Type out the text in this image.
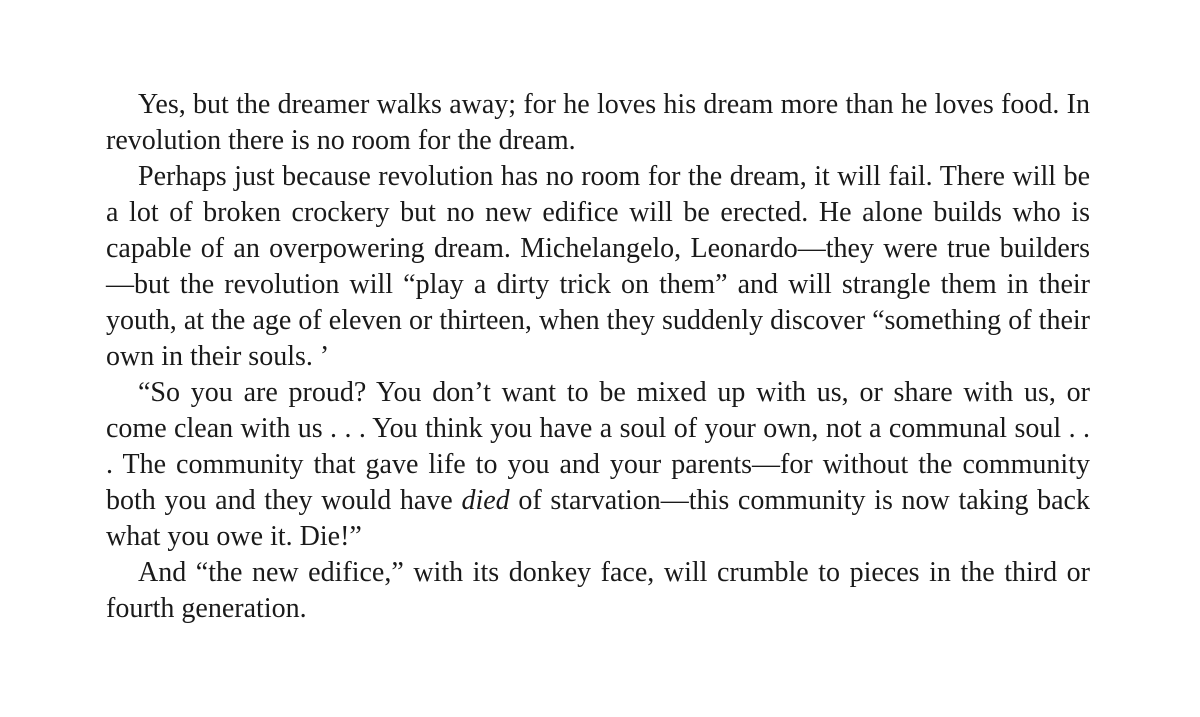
Yes, but the dreamer walks away; for he loves his dream more than he loves food. In revolution there is no room for the dream.

Perhaps just because revolution has no room for the dream, it will fail. There will be a lot of broken crockery but no new edifice will be erected. He alone builds who is capable of an overpowering dream. Michelangelo, Leonardo—they were true builders—but the revolution will “play a dirty trick on them” and will strangle them in their youth, at the age of eleven or thirteen, when they suddenly discover “something of their own in their souls. ’

“So you are proud? You don’t want to be mixed up with us, or share with us, or come clean with us . . . You think you have a soul of your own, not a communal soul . . . The community that gave life to you and your parents—for without the community both you and they would have died of starvation—this community is now taking back what you owe it. Die!”

And “the new edifice,” with its donkey face, will crumble to pieces in the third or fourth generation.
